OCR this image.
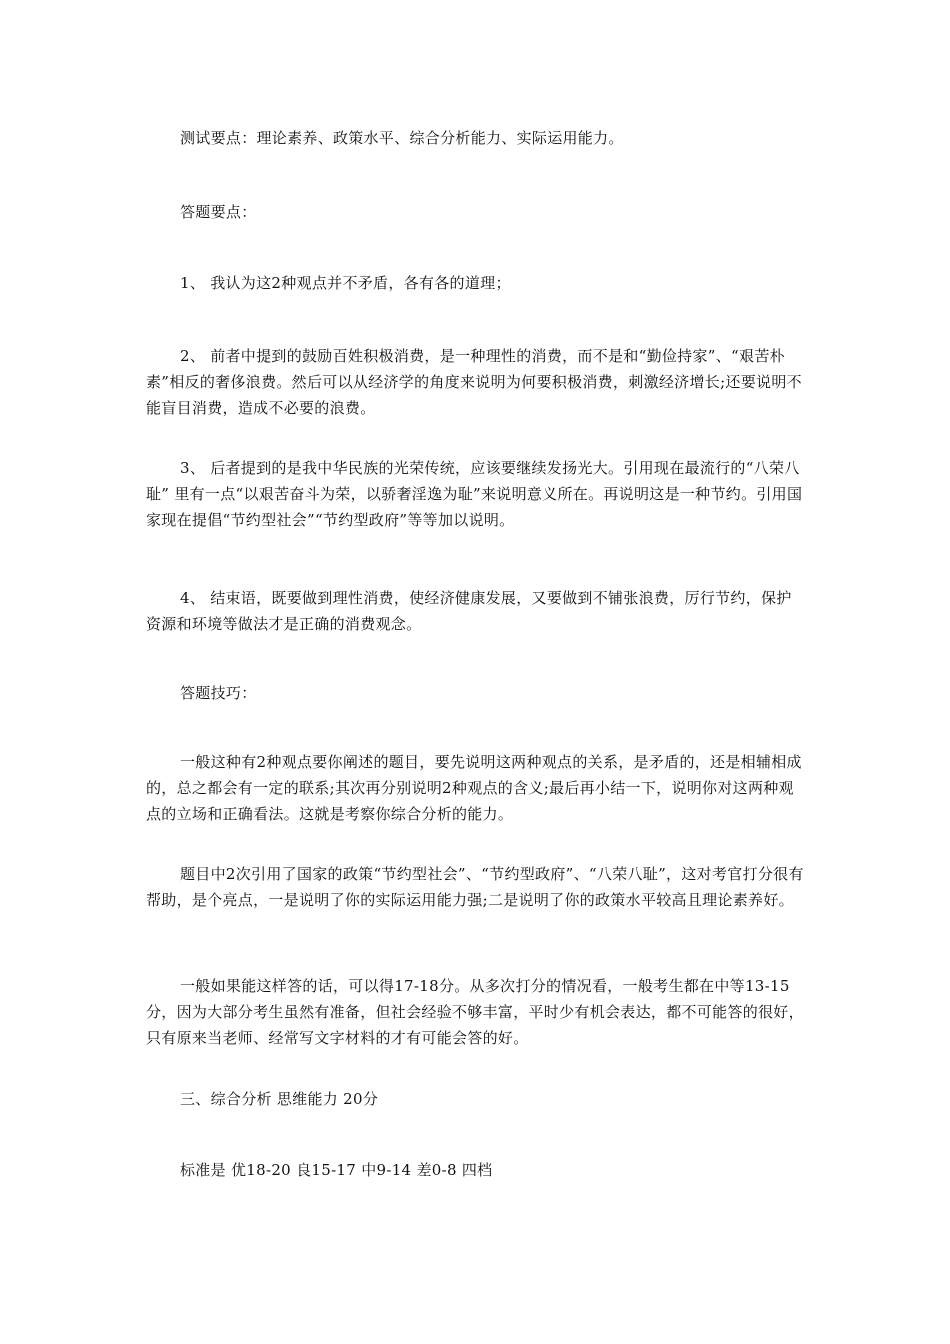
测试要点：理论素养、政策水平、综合分析能力、实际运用能力。

答题要点：

1、 我认为这2种观点并不矛盾，各有各的道理；

2、 前者中提到的鼓励百姓积极消费，是一种理性的消费，而不是和“勤俭持家”、“艰苦朴素”相反的奢侈浪费。然后可以从经济学的角度来说明为何要积极消费，刺激经济增长;还要说明不能盲目消费，造成不必要的浪费。

3、 后者提到的是我中华民族的光荣传统，应该要继续发扬光大。引用现在最流行的“八荣八耻” 里有一点“以艰苦奋斗为荣，以骄奢淫逸为耻”来说明意义所在。再说明这是一种节约。引用国家现在提倡“节约型社会”“节约型政府”等等加以说明。

4、 结束语，既要做到理性消费，使经济健康发展，又要做到不铺张浪费，厉行节约，保护资源和环境等做法才是正确的消费观念。

答题技巧：

一般这种有2种观点要你阐述的题目，要先说明这两种观点的关系，是矛盾的，还是相辅相成的，总之都会有一定的联系;其次再分别说明2种观点的含义;最后再小结一下，说明你对这两种观点的立场和正确看法。这就是考察你综合分析的能力。

题目中2次引用了国家的政策“节约型社会”、“节约型政府”、“八荣八耻”，这对考官打分很有帮助，是个亮点，一是说明了你的实际运用能力强;二是说明了你的政策水平较高且理论素养好。

一般如果能这样答的话，可以得17-18分。从多次打分的情况看，一般考生都在中等13-15分，因为大部分考生虽然有准备，但社会经验不够丰富，平时少有机会表达，都不可能答的很好，只有原来当老师、经常写文字材料的才有可能会答的好。

三、综合分析 思维能力 20分

标准是 优18-20 良15-17 中9-14 差0-8 四档
